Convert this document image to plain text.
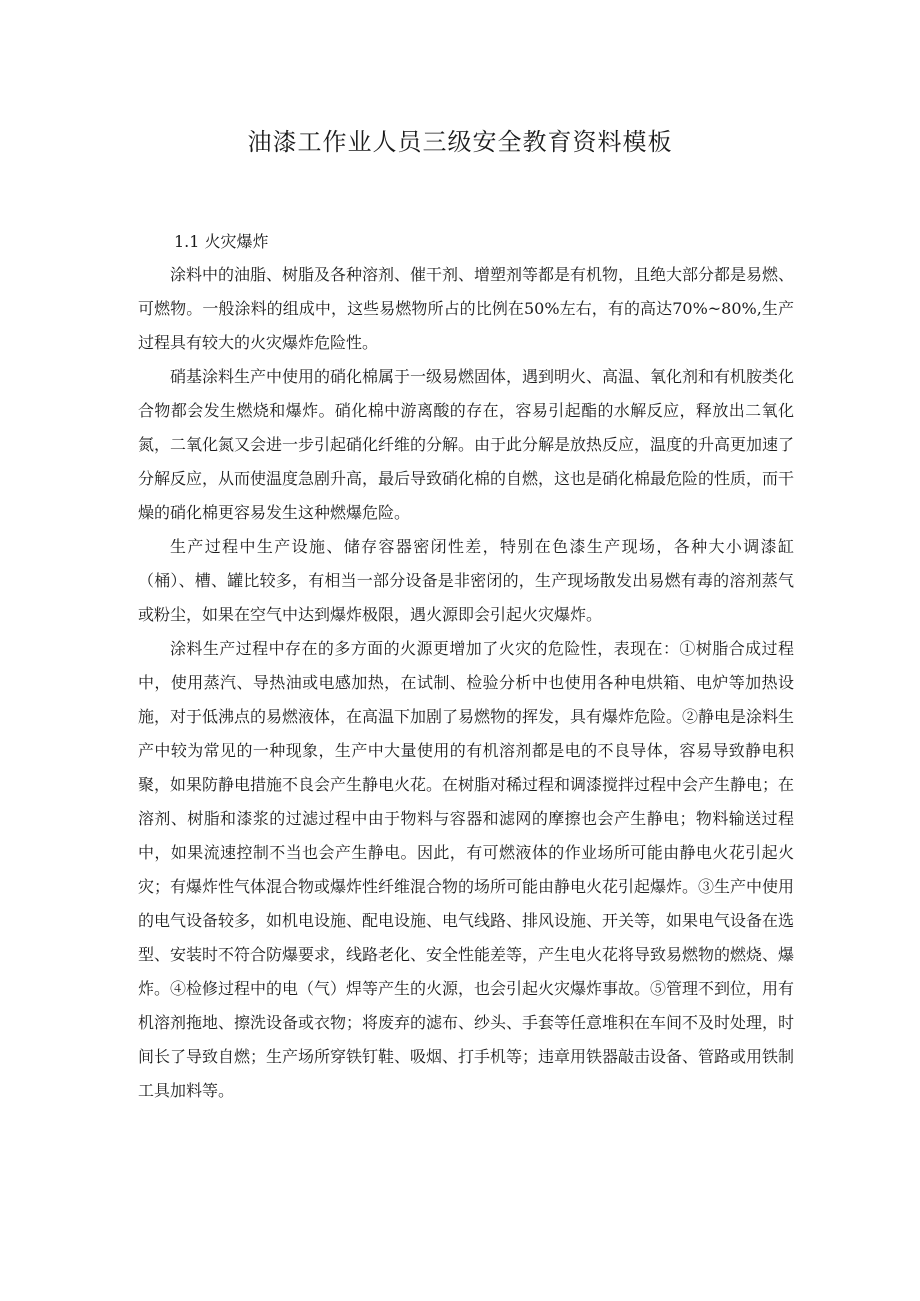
油漆工作业人员三级安全教育资料模板

1.1 火灾爆炸

涂料中的油脂、树脂及各种溶剂、催干剂、增塑剂等都是有机物，且绝大部分都是易燃、可燃物。一般涂料的组成中，这些易燃物所占的比例在50%左右，有的高达70%~80%,生产过程具有较大的火灾爆炸危险性。

硝基涂料生产中使用的硝化棉属于一级易燃固体，遇到明火、高温、氧化剂和有机胺类化合物都会发生燃烧和爆炸。硝化棉中游离酸的存在，容易引起酯的水解反应，释放出二氧化氮，二氧化氮又会进一步引起硝化纤维的分解。由于此分解是放热反应，温度的升高更加速了分解反应，从而使温度急剧升高，最后导致硝化棉的自燃，这也是硝化棉最危险的性质，而干燥的硝化棉更容易发生这种燃爆危险。

生产过程中生产设施、储存容器密闭性差，特别在色漆生产现场，各种大小调漆缸（桶）、槽、罐比较多，有相当一部分设备是非密闭的，生产现场散发出易燃有毒的溶剂蒸气或粉尘，如果在空气中达到爆炸极限，遇火源即会引起火灾爆炸。

涂料生产过程中存在的多方面的火源更增加了火灾的危险性，表现在：①树脂合成过程中，使用蒸汽、导热油或电感加热，在试制、检验分析中也使用各种电烘箱、电炉等加热设施，对于低沸点的易燃液体，在高温下加剧了易燃物的挥发，具有爆炸危险。②静电是涂料生产中较为常见的一种现象，生产中大量使用的有机溶剂都是电的不良导体，容易导致静电积聚，如果防静电措施不良会产生静电火花。在树脂对稀过程和调漆搅拌过程中会产生静电；在溶剂、树脂和漆浆的过滤过程中由于物料与容器和滤网的摩擦也会产生静电；物料输送过程中，如果流速控制不当也会产生静电。因此，有可燃液体的作业场所可能由静电火花引起火灾；有爆炸性气体混合物或爆炸性纤维混合物的场所可能由静电火花引起爆炸。③生产中使用的电气设备较多，如机电设施、配电设施、电气线路、排风设施、开关等，如果电气设备在选型、安装时不符合防爆要求，线路老化、安全性能差等，产生电火花将导致易燃物的燃烧、爆炸。④检修过程中的电（气）焊等产生的火源，也会引起火灾爆炸事故。⑤管理不到位，用有机溶剂拖地、擦洗设备或衣物；将废弃的滤布、纱头、手套等任意堆积在车间不及时处理，时间长了导致自燃；生产场所穿铁钉鞋、吸烟、打手机等；违章用铁器敲击设备、管路或用铁制工具加料等。
